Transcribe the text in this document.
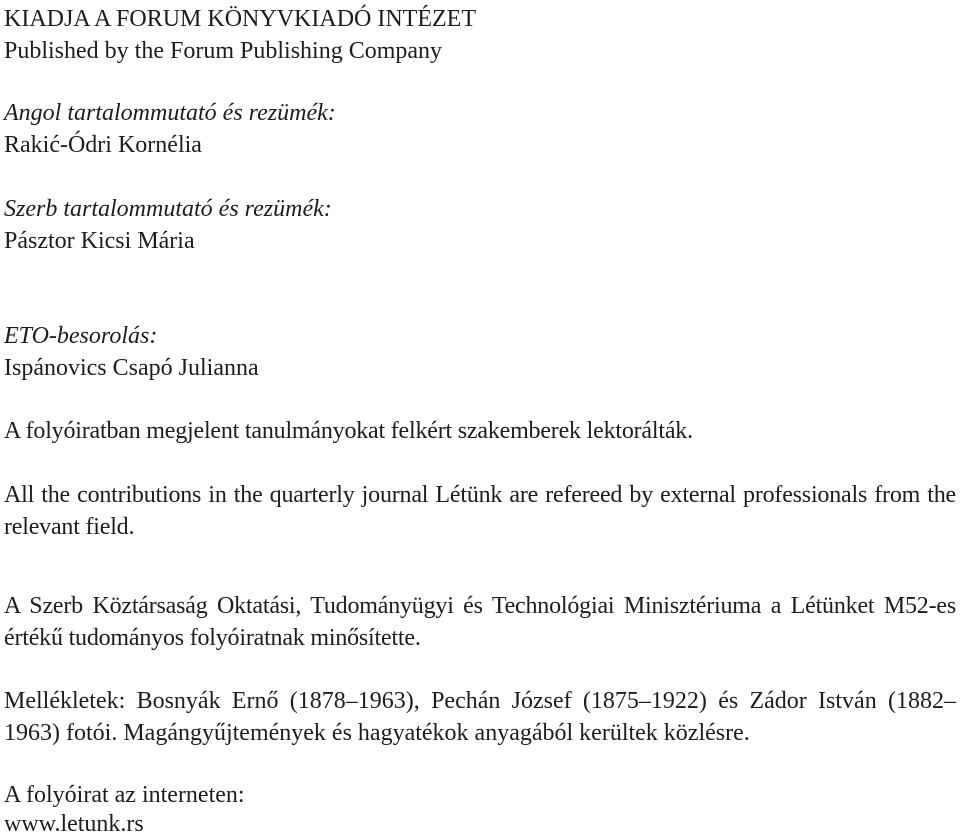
KIADJA A FORUM KÖNYVKIADÓ INTÉZET
Published by the Forum Publishing Company
Angol tartalommutató és rezümék:
Rakić-Ódri Kornélia
Szerb tartalommutató és rezümék:
Pásztor Kicsi Mária
ETO-besorolás:
Ispánovics Csapó Julianna
A folyóiratban megjelent tanulmányokat felkért szakemberek lektorálták.
All the contributions in the quarterly journal Létünk are refereed by external professionals from the relevant field.
A Szerb Köztársaság Oktatási, Tudományügyi és Technológiai Minisztériuma a Létünket M52-es értékű tudományos folyóiratnak minősítette.
Mellékletek: Bosnyák Ernő (1878–1963), Pechán József (1875–1922) és Zádor István (1882–1963) fotói. Magángyűjtemények és hagyatékok anyagából kerültek közlésre.
A folyóirat az interneten:
www.letunk.rs
